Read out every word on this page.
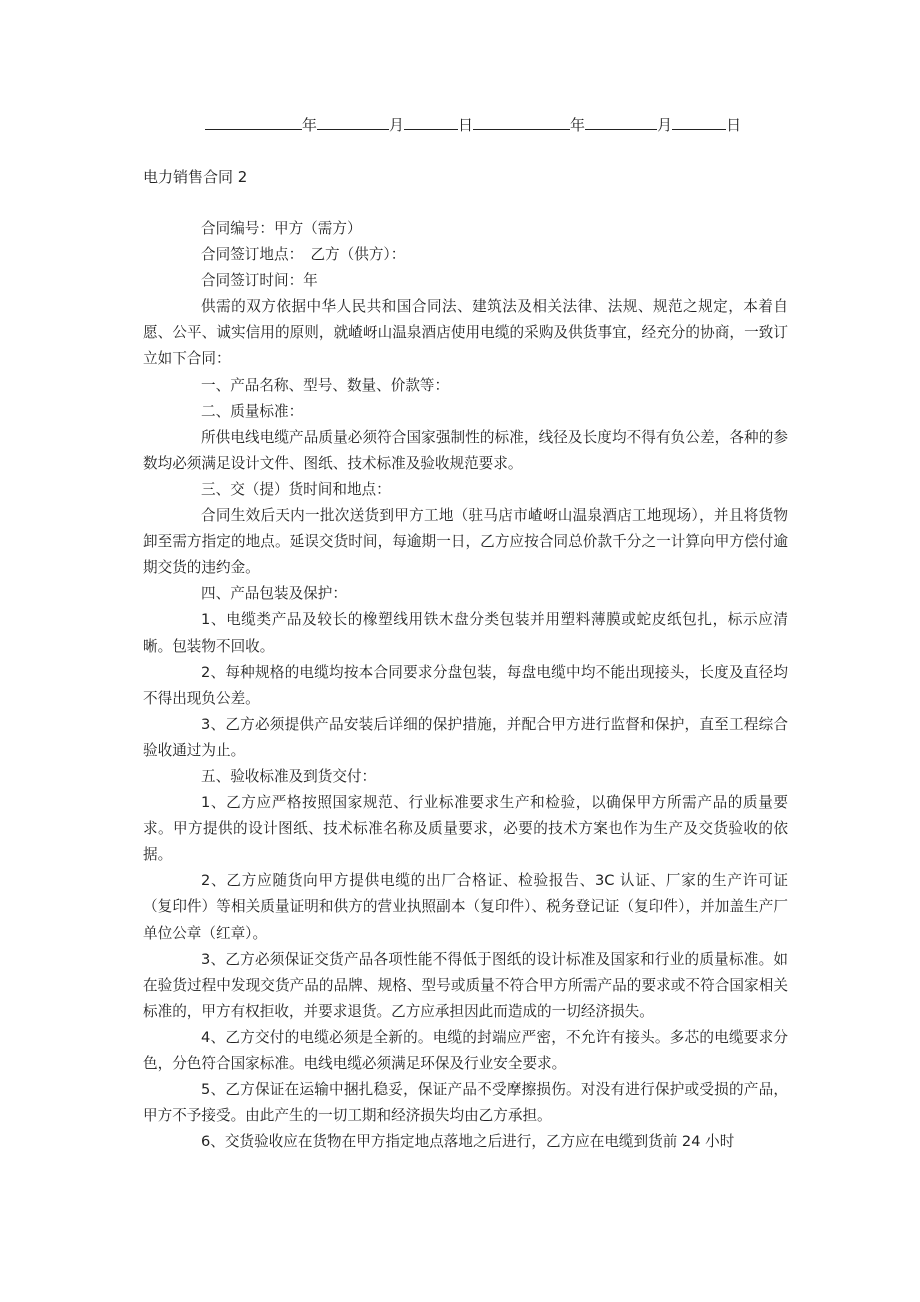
年	月	日	年	月	日
电力销售合同 2

合同编号：甲方（需方）

合同签订地点：　乙方（供方）：

合同签订时间：年

供需的双方依据中华人民共和国合同法、建筑法及相关法律、法规、规范之规定，本着自愿、公平、诚实信用的原则，就嵖岈山温泉酒店使用电缆的采购及供货事宜，经充分的协商，一致订立如下合同：

一、产品名称、型号、数量、价款等：

二、质量标准：

所供电线电缆产品质量必须符合国家强制性的标准，线径及长度均不得有负公差，各种的参数均必须满足设计文件、图纸、技术标准及验收规范要求。

三、交（提）货时间和地点：

合同生效后天内一批次送货到甲方工地（驻马店市嵖岈山温泉酒店工地现场），并且将货物卸至需方指定的地点。延误交货时间，每逾期一日，乙方应按合同总价款千分之一计算向甲方偿付逾期交货的违约金。

四、产品包装及保护：

1、电缆类产品及较长的橡塑线用铁木盘分类包装并用塑料薄膜或蛇皮纸包扎，标示应清晰。包装物不回收。

2、每种规格的电缆均按本合同要求分盘包装，每盘电缆中均不能出现接头，长度及直径均不得出现负公差。

3、乙方必须提供产品安装后详细的保护措施，并配合甲方进行监督和保护，直至工程综合验收通过为止。

五、验收标准及到货交付：

1、乙方应严格按照国家规范、行业标准要求生产和检验，以确保甲方所需产品的质量要求。甲方提供的设计图纸、技术标准名称及质量要求，必要的技术方案也作为生产及交货验收的依据。

2、乙方应随货向甲方提供电缆的出厂合格证、检验报告、3C 认证、厂家的生产许可证（复印件）等相关质量证明和供方的营业执照副本（复印件）、税务登记证（复印件），并加盖生产厂单位公章（红章）。

3、乙方必须保证交货产品各项性能不得低于图纸的设计标准及国家和行业的质量标准。如在验货过程中发现交货产品的品牌、规格、型号或质量不符合甲方所需产品的要求或不符合国家相关标准的，甲方有权拒收，并要求退货。乙方应承担因此而造成的一切经济损失。

4、乙方交付的电缆必须是全新的。电缆的封端应严密，不允许有接头。多芯的电缆要求分色，分色符合国家标准。电线电缆必须满足环保及行业安全要求。

5、乙方保证在运输中捆扎稳妥，保证产品不受摩擦损伤。对没有进行保护或受损的产品，甲方不予接受。由此产生的一切工期和经济损失均由乙方承担。

6、交货验收应在货物在甲方指定地点落地之后进行，乙方应在电缆到货前 24 小时
